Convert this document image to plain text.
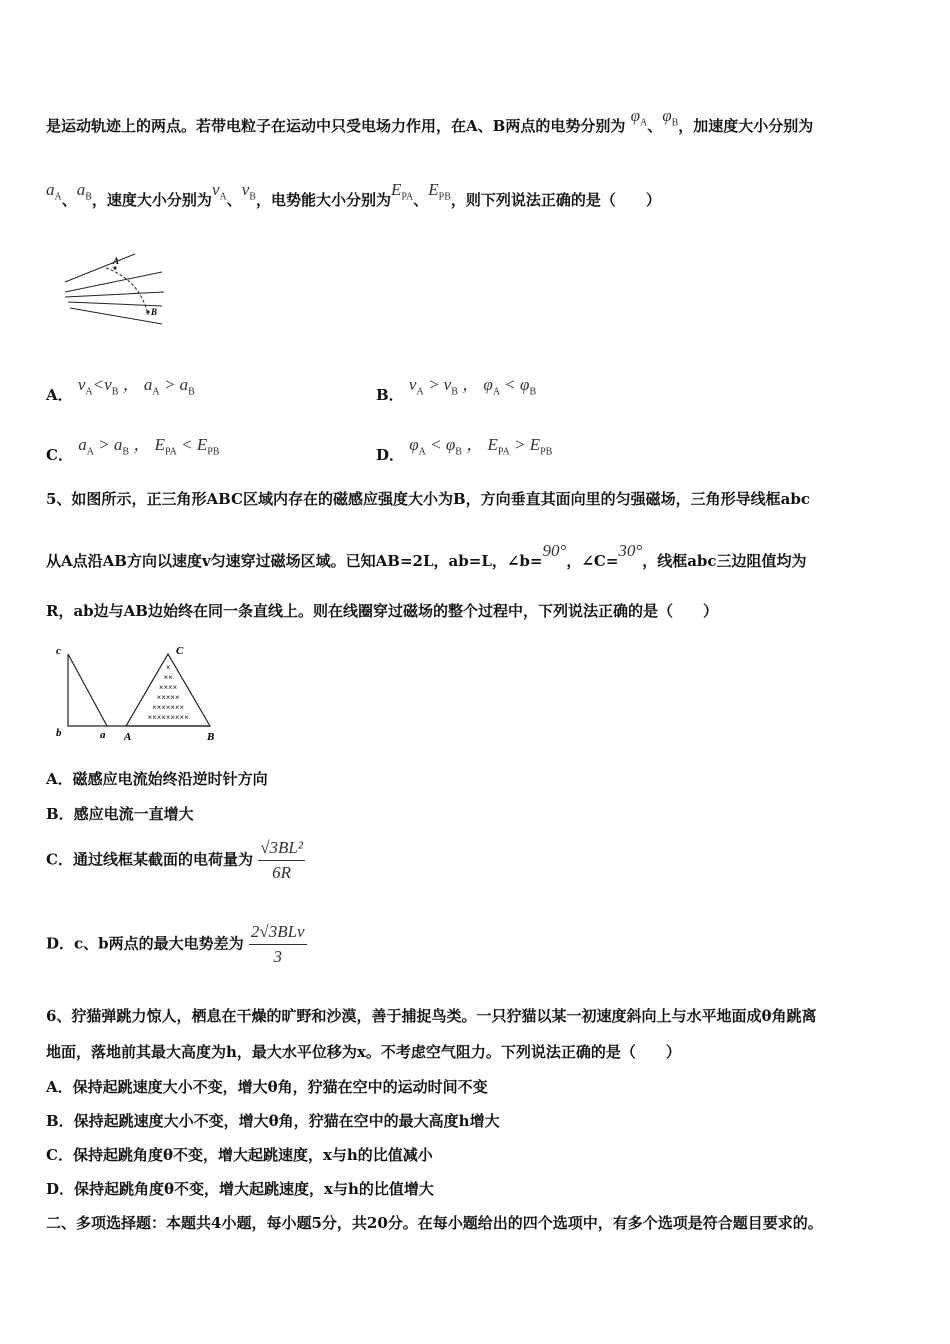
是运动轨迹上的两点。若带电粒子在运动中只受电场力作用，在A、B两点的电势分别为 $\varphi_A$、$\varphi_B$，加速度大小分别为
$a_A$、$a_B$，速度大小分别为$v_A$、$v_B$，电势能大小分别为$E_{PA}$、$E_{PB}$，则下列说法正确的是（　　）
A
B
A． $v_A<v_B$ ， $a_A > a_B$	B． $v_A > v_B$ ， $\varphi_A < \varphi_B$
C． $a_A > a_B$ ， $E_{PA} < E_{PB}$	D． $\varphi_A < \varphi_B$ ， $E_{PA} > E_{PB}$
5、如图所示，正三角形ABC区域内存在的磁感应强度大小为B，方向垂直其面向里的匀强磁场，三角形导线框abc
从A点沿AB方向以速度v匀速穿过磁场区域。已知AB=2L，ab=L，∠b=90°，∠C=30°，线框abc三边阻值均为
R，ab边与AB边始终在同一条直线上。则在线圈穿过磁场的整个过程中，下列说法正确的是（　　）
×
××
××××
×××××
×××××××
×××××××××
c
b	a A	B
C
A．磁感应电流始终沿逆时针方向
B．感应电流一直增大
C．通过线框某截面的电荷量为 $\frac{\text{√3BL²}}{6R}$
D．c、b两点的最大电势差为 $\frac{\text{2√3BLv}}{3}$
6、狞猫弹跳力惊人，栖息在干燥的旷野和沙漠，善于捕捉鸟类。一只狞猫以某一初速度斜向上与水平地面成θ角跳离
地面，落地前其最大高度为h，最大水平位移为x。不考虑空气阻力。下列说法正确的是（　　）
A．保持起跳速度大小不变，增大θ角，狞猫在空中的运动时间不变
B．保持起跳速度大小不变，增大θ角，狞猫在空中的最大高度h增大
C．保持起跳角度θ不变，增大起跳速度，x与h的比值减小
D．保持起跳角度θ不变，增大起跳速度，x与h的比值增大
二、多项选择题：本题共4小题，每小题5分，共20分。在每小题给出的四个选项中，有多个选项是符合题目要求的。
